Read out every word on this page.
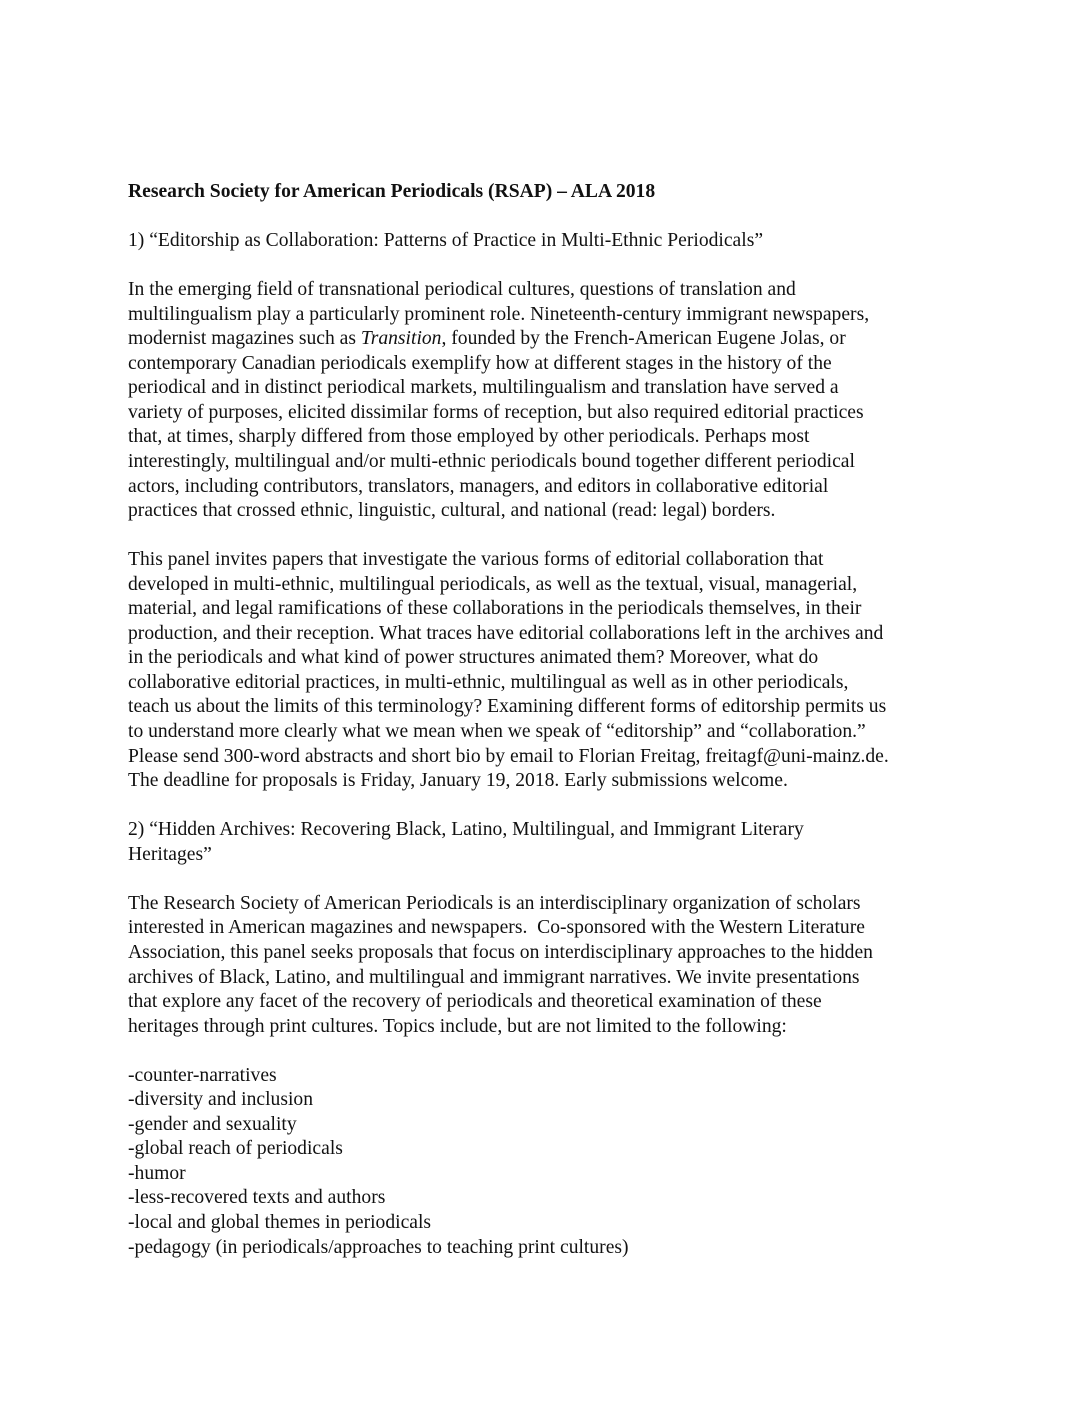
Research Society for American Periodicals (RSAP) – ALA 2018
1) “Editorship as Collaboration: Patterns of Practice in Multi-Ethnic Periodicals”
In the emerging field of transnational periodical cultures, questions of translation and
multilingualism play a particularly prominent role. Nineteenth-century immigrant newspapers,
modernist magazines such as Transition, founded by the French-American Eugene Jolas, or
contemporary Canadian periodicals exemplify how at different stages in the history of the
periodical and in distinct periodical markets, multilingualism and translation have served a
variety of purposes, elicited dissimilar forms of reception, but also required editorial practices
that, at times, sharply differed from those employed by other periodicals. Perhaps most
interestingly, multilingual and/or multi-ethnic periodicals bound together different periodical
actors, including contributors, translators, managers, and editors in collaborative editorial
practices that crossed ethnic, linguistic, cultural, and national (read: legal) borders.
This panel invites papers that investigate the various forms of editorial collaboration that
developed in multi-ethnic, multilingual periodicals, as well as the textual, visual, managerial,
material, and legal ramifications of these collaborations in the periodicals themselves, in their
production, and their reception. What traces have editorial collaborations left in the archives and
in the periodicals and what kind of power structures animated them? Moreover, what do
collaborative editorial practices, in multi-ethnic, multilingual as well as in other periodicals,
teach us about the limits of this terminology? Examining different forms of editorship permits us
to understand more clearly what we mean when we speak of “editorship” and “collaboration.”
Please send 300-word abstracts and short bio by email to Florian Freitag, freitagf@uni-mainz.de.
The deadline for proposals is Friday, January 19, 2018. Early submissions welcome.
2) “Hidden Archives: Recovering Black, Latino, Multilingual, and Immigrant Literary
Heritages”
The Research Society of American Periodicals is an interdisciplinary organization of scholars
interested in American magazines and newspapers.  Co-sponsored with the Western Literature
Association, this panel seeks proposals that focus on interdisciplinary approaches to the hidden
archives of Black, Latino, and multilingual and immigrant narratives. We invite presentations
that explore any facet of the recovery of periodicals and theoretical examination of these
heritages through print cultures. Topics include, but are not limited to the following:
-counter-narratives
-diversity and inclusion
-gender and sexuality
-global reach of periodicals
-humor
-less-recovered texts and authors
-local and global themes in periodicals
-pedagogy (in periodicals/approaches to teaching print cultures)
